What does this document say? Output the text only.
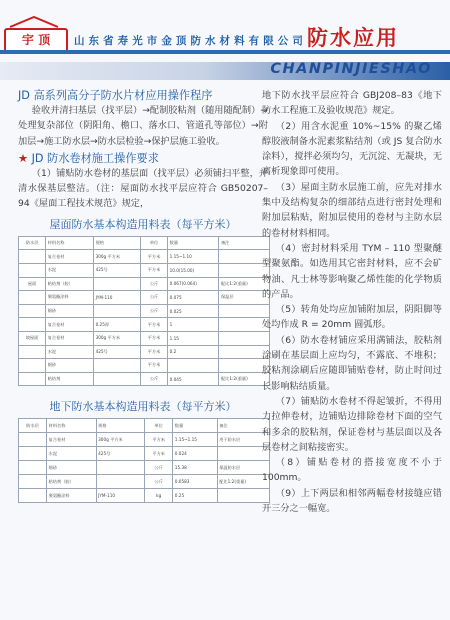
宇 顶	山 东 省 寿 光 市 金 顶 防 水 材 料 有 限 公 司 防水应用
CHANPINJIESHAO
JD 高系列高分子防水片材应用操作程序

验收并清扫基层（找平层）→配制胶粘剂（随用随配制）→处理复杂部位（阴阳角、檐口、落水口、管道孔等部位）→附加层→施工防水层→防水层检验→保护层施工验收。

★ JD 防水卷材施工操作要求

（1）铺贴防水卷材的基层面（找平层）必须铺扫平整，并清水保基层整洁。（注：屋面防水找平层应符合 GB50207–94《屋面工程技术规范》规定，

屋面防水基本构造用料表（每平方米）
防水层	材料名称	规格	单位	数量	备注
	复合卷材	300g 平方米	平方米	1.15~1.10	
	水泥	425号	平方米	10.0(15.00)	
屋面	粘结剂（胶）		公斤	0.067(0.064)	配比1:2(重量)
	聚氨酯涂料	JYM-110	公斤	0.075	保温层
	细砂		公斤	0.025	
	复合卷材	0.25厚	平方米	1	
坡屋面	复合卷材	300g 平方米	平方米	1.15	
	水泥	425号	平方米	0.2	
	细砂		平方米		
	粘结剂		公斤	0.045	配比1:2(重量)
地下防水基本构造用料表（每平方米）
防水层	材料名称	规格	单位	数量	备注
	复合卷材	300g 平方米	平方米	1.15~1.15	用于防水层
	水泥	425号	平方米	0.024	
	细砂		公斤	15.38	保温防水层
	粘结剂（胶）		公斤	0.0583	配比1:2(重量)
	聚氨酯涂料	JYM-110	kg	0.25	

地下防水找平层应符合 GBJ208–83《地下防水工程施工及验收规范》规定。

（2）用含水泥重 10%~15% 的聚乙烯醇胶液制备水泥素浆粘结剂（或 JS 复合防水涂料），搅拌必须均匀，无沉淀、无凝块，无离析现象即可使用。

（3）屋面主防水层施工前，应先对排水集中及结构复杂的细部结点进行密封处理和附加层粘贴，附加层使用的卷材与主防水层的卷材材料相同。

（4）密封材料采用 TYM – 110 型聚醚型聚氨酯。如选用其它密封材料，应不会矿物油、凡士林等影响聚乙烯性能的化学物质的产品。

（5）转角处均应加铺附加层，阴阳脚等处均作成 R = 20mm 圆弧形。

（6）防水卷材铺应采用满铺法，胶粘剂涂刷在基层面上应均匀，不露底、不堆积；胶粘剂涂刷后应随即铺贴卷材，防止时间过长影响粘结质量。

（7）铺贴防水卷材不得起皱折，不得用力拉伸卷材，边铺贴边排除卷材下面的空气和多余的胶粘剂，保证卷材与基层面以及各层卷材之间粘接密实。

（8）铺贴卷材的搭接宽度不小于 100mm。

（9）上下两层和相邻两幅卷材接缝应错开三分之一幅宽。
